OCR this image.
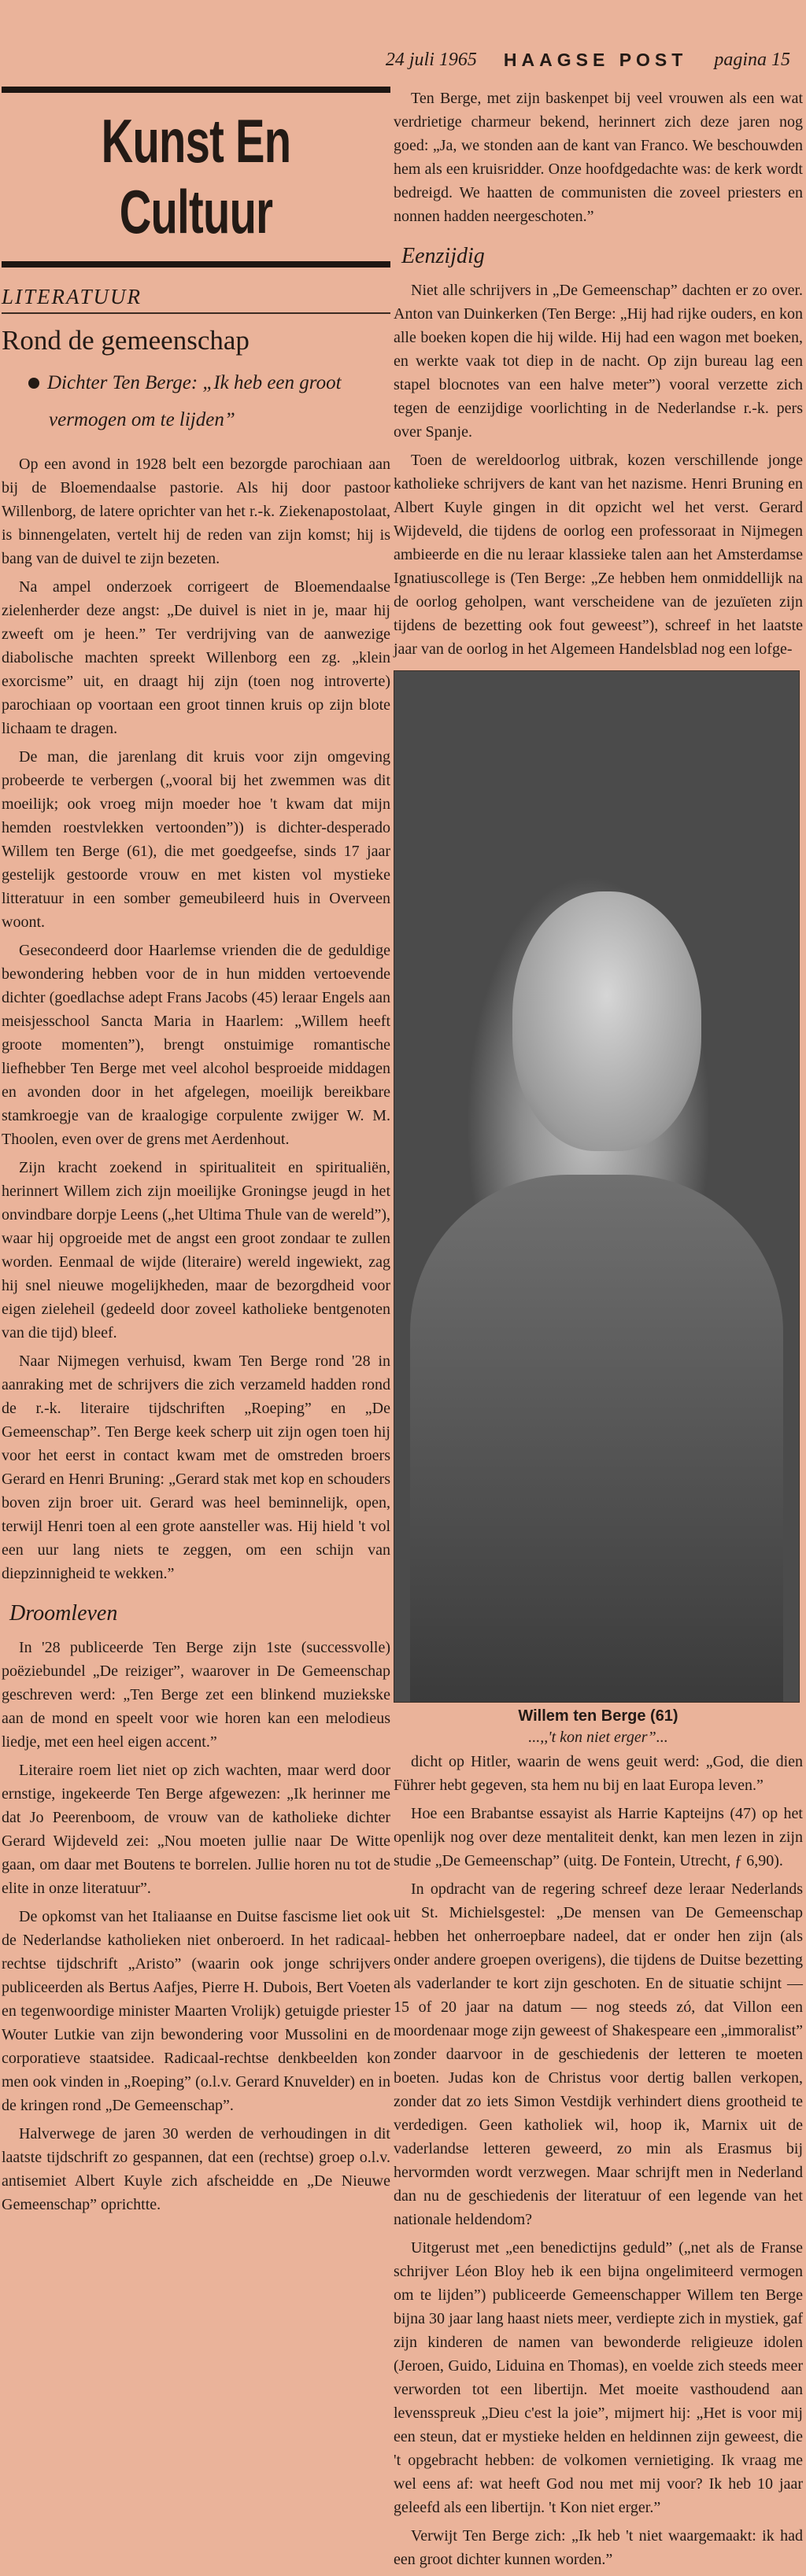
24 juli 1965 HAAGSE POST pagina 15
Kunst En
Cultuur
LITERATUUR
Rond de gemeenschap
Dichter Ten Berge: „Ik heb een groot vermogen om te lijden”

Op een avond in 1928 belt een bezorgde parochiaan aan bij de Bloemendaalse pastorie. Als hij door pastoor Willenborg, de latere oprichter van het r.-k. Ziekenapostolaat, is binnengelaten, vertelt hij de reden van zijn komst; hij is bang van de duivel te zijn bezeten.

Na ampel onderzoek corrigeert de Bloemendaalse zielenherder deze angst: „De duivel is niet in je, maar hij zweeft om je heen.” Ter verdrijving van de aanwezige diabolische machten spreekt Willenborg een zg. „klein exorcisme” uit, en draagt hij zijn (toen nog introverte) parochiaan op voortaan een groot tinnen kruis op zijn blote lichaam te dragen.

De man, die jarenlang dit kruis voor zijn omgeving probeerde te verbergen („vooral bij het zwemmen was dit moeilijk; ook vroeg mijn moeder hoe 't kwam dat mijn hemden roestvlekken vertoonden”)) is dichter-desperado Willem ten Berge (61), die met goedgeefse, sinds 17 jaar gestelijk gestoorde vrouw en met kisten vol mystieke litteratuur in een somber gemeubileerd huis in Overveen woont.

Gesecondeerd door Haarlemse vrienden die de geduldige bewondering hebben voor de in hun midden vertoevende dichter (goedlachse adept Frans Jacobs (45) leraar Engels aan meisjesschool Sancta Maria in Haarlem: „Willem heeft groote momenten”), brengt onstuimige romantische liefhebber Ten Berge met veel alcohol besproeide middagen en avonden door in het afgelegen, moeilijk bereikbare stamkroegje van de kraalogige corpulente zwijger W. M. Thoolen, even over de grens met Aerdenhout.

Zijn kracht zoekend in spiritualiteit en spiritualiën, herinnert Willem zich zijn moeilijke Groningse jeugd in het onvindbare dorpje Leens („het Ultima Thule van de wereld”), waar hij opgroeide met de angst een groot zondaar te zullen worden. Eenmaal de wijde (literaire) wereld ingewiekt, zag hij snel nieuwe mogelijkheden, maar de bezorgdheid voor eigen zieleheil (gedeeld door zoveel katholieke bentgenoten van die tijd) bleef.

Naar Nijmegen verhuisd, kwam Ten Berge rond '28 in aanraking met de schrijvers die zich verzameld hadden rond de r.-k. literaire tijdschriften „Roeping” en „De Gemeenschap”. Ten Berge keek scherp uit zijn ogen toen hij voor het eerst in contact kwam met de omstreden broers Gerard en Henri Bruning: „Gerard stak met kop en schouders boven zijn broer uit. Gerard was heel beminnelijk, open, terwijl Henri toen al een grote aansteller was. Hij hield 't vol een uur lang niets te zeggen, om een schijn van diepzinnigheid te wekken.”

Droomleven

In '28 publiceerde Ten Berge zijn 1ste (successvolle) poëziebundel „De reiziger”, waarover in De Gemeenschap geschreven werd: „Ten Berge zet een blinkend muziekske aan de mond en speelt voor wie horen kan een melodieus liedje, met een heel eigen accent.”

Literaire roem liet niet op zich wachten, maar werd door ernstige, ingekeerde Ten Berge afgewezen: „Ik herinner me dat Jo Peerenboom, de vrouw van de katholieke dichter Gerard Wijdeveld zei: „Nou moeten jullie naar De Witte gaan, om daar met Boutens te borrelen. Jullie horen nu tot de elite in onze literatuur”.

De opkomst van het Italiaanse en Duitse fascisme liet ook de Nederlandse katholieken niet onberoerd. In het radicaal-rechtse tijdschrift „Aristo” (waarin ook jonge schrijvers publiceerden als Bertus Aafjes, Pierre H. Dubois, Bert Voeten en tegenwoordige minister Maarten Vrolijk) getuigde priester Wouter Lutkie van zijn bewondering voor Mussolini en de corporatieve staatsidee. Radicaal-rechtse denkbeelden kon men ook vinden in „Roeping” (o.l.v. Gerard Knuvelder) en in de kringen rond „De Gemeenschap”.

Halverwege de jaren 30 werden de verhoudingen in dit laatste tijdschrift zo gespannen, dat een (rechtse) groep o.l.v. antisemiet Albert Kuyle zich afscheidde en „De Nieuwe Gemeenschap” oprichtte.

Ten Berge, met zijn baskenpet bij veel vrouwen als een wat verdrietige charmeur bekend, herinnert zich deze jaren nog goed: „Ja, we stonden aan de kant van Franco. We beschouwden hem als een kruisridder. Onze hoofdgedachte was: de kerk wordt bedreigd. We haatten de communisten die zoveel priesters en nonnen hadden neergeschoten.”

Eenzijdig

Niet alle schrijvers in „De Gemeenschap” dachten er zo over. Anton van Duinkerken (Ten Berge: „Hij had rijke ouders, en kon alle boeken kopen die hij wilde. Hij had een wagon met boeken, en werkte vaak tot diep in de nacht. Op zijn bureau lag een stapel blocnotes van een halve meter”) vooral verzette zich tegen de eenzijdige voorlichting in de Nederlandse r.-k. pers over Spanje.

Toen de wereldoorlog uitbrak, kozen verschillende jonge katholieke schrijvers de kant van het nazisme. Henri Bruning en Albert Kuyle gingen in dit opzicht wel het verst. Gerard Wijdeveld, die tijdens de oorlog een professoraat in Nijmegen ambieerde en die nu leraar klassieke talen aan het Amsterdamse Ignatiuscollege is (Ten Berge: „Ze hebben hem onmiddellijk na de oorlog geholpen, want verscheidene van de jezuïeten zijn tijdens de bezetting ook fout geweest”), schreef in het laatste jaar van de oorlog in het Algemeen Handelsblad nog een lofge-

Willem ten Berge (61)
...,,'t kon niet erger”...

dicht op Hitler, waarin de wens geuit werd: „God, die dien Führer hebt gegeven, sta hem nu bij en laat Europa leven.”

Hoe een Brabantse essayist als Harrie Kapteijns (47) op het openlijk nog over deze mentaliteit denkt, kan men lezen in zijn studie „De Gemeenschap” (uitg. De Fontein, Utrecht, ƒ 6,90).

In opdracht van de regering schreef deze leraar Nederlands uit St. Michielsgestel: „De mensen van De Gemeenschap hebben het onherroepbare nadeel, dat er onder hen zijn (als onder andere groepen overigens), die tijdens de Duitse bezetting als vaderlander te kort zijn geschoten. En de situatie schijnt — 15 of 20 jaar na datum — nog steeds zó, dat Villon een moordenaar moge zijn geweest of Shakespeare een „immoralist” zonder daarvoor in de geschiedenis der letteren te moeten boeten. Judas kon de Christus voor dertig ballen verkopen, zonder dat zo iets Simon Vestdijk verhindert diens grootheid te verdedigen. Geen katholiek wil, hoop ik, Marnix uit de vaderlandse letteren geweerd, zo min als Erasmus bij hervormden wordt verzwegen. Maar schrijft men in Nederland dan nu de geschiedenis der literatuur of een legende van het nationale heldendom?

Uitgerust met „een benedictijns geduld” („net als de Franse schrijver Léon Bloy heb ik een bijna ongelimiteerd vermogen om te lijden”) publiceerde Gemeenschapper Willem ten Berge bijna 30 jaar lang haast niets meer, verdiepte zich in mystiek, gaf zijn kinderen de namen van bewonderde religieuze idolen (Jeroen, Guido, Liduina en Thomas), en voelde zich steeds meer verworden tot een libertijn. Met moeite vasthoudend aan levensspreuk „Dieu c'est la joie”, mijmert hij: „Het is voor mij een steun, dat er mystieke helden en heldinnen zijn geweest, die 't opgebracht hebben: de volkomen vernietiging. Ik vraag me wel eens af: wat heeft God nou met mij voor? Ik heb 10 jaar geleefd als een libertijn. 't Kon niet erger.”

Verwijt Ten Berge zich: „Ik heb 't niet waargemaakt: ik had een groot dichter kunnen worden.”
